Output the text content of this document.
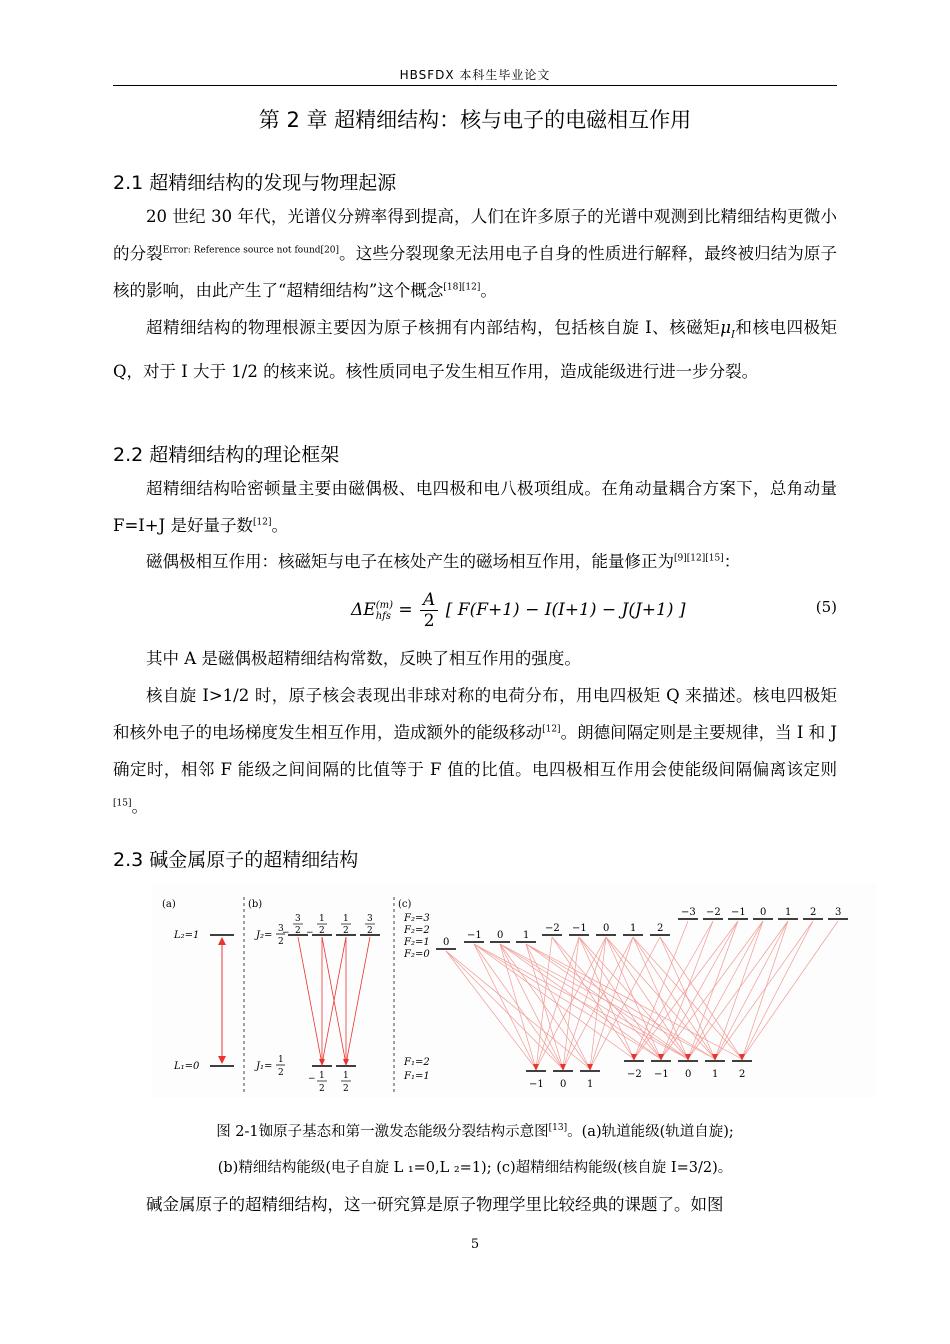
HBSFDX 本科生毕业论文
第 2 章 超精细结构：核与电子的电磁相互作用
2.1 超精细结构的发现与物理起源

20 世纪 30 年代，光谱仪分辨率得到提高，人们在许多原子的光谱中观测到比精细结构更微小的分裂$^{Error: Reference source not found[20]}$。这些分裂现象无法用电子自身的性质进行解释，最终被归结为原子核的影响，由此产生了“超精细结构”这个概念[18][12]。

超精细结构的物理根源主要因为原子核拥有内部结构，包括核自旋 I、核磁矩$\mu_I$和核电四极矩 Q，对于 I 大于 1/2 的核来说。核性质同电子发生相互作用，造成能级进行进一步分裂。

2.2 超精细结构的理论框架

超精细结构哈密顿量主要由磁偶极、电四极和电八极项组成。在角动量耦合方案下，总角动量 F=I+J 是好量子数[12]。

磁偶极相互作用：核磁矩与电子在核处产生的磁场相互作用，能量修正为[9][12][15]：

ΔE (m)
hfs = $\frac{A}{2}$ [ F(F+1) − I(I+1) − J(J+1) ]	(5)

其中 A 是磁偶极超精细结构常数，反映了相互作用的强度。

核自旋 I>1/2 时，原子核会表现出非球对称的电荷分布，用电四极矩 Q 来描述。核电四极矩和核外电子的电场梯度发生相互作用，造成额外的能级移动[12]。朗德间隔定则是主要规律，当 I 和 J 确定时，相邻 F 能级之间间隔的比值等于 F 值的比值。电四极相互作用会使能级间隔偏离该定则[15]。

2.3 碱金属原子的超精细结构
(a)	(b)	(c)
L₂=1
L₁=0
J₂=
3
2
J₁=
1
2
−
3
2 −
1
2
1
2
3
2
− 1
2
1
2
F₂=3
F₂=2
F₂=1
F₂=0
F₁=2
F₁=1
0
−1 0 1
−2 −1 0 1 2
−3 −2 −1 0 1 2 3
−1 0 1
−2 −1 0 1 2
图 2-1铷原子基态和第一激发态能级分裂结构示意图[13]。(a)轨道能级(轨道自旋);
(b)精细结构能级(电子自旋 L ₁=0,L ₂=1); (c)超精细结构能级(核自旋 I=3/2)。

碱金属原子的超精细结构，这一研究算是原子物理学里比较经典的课题了。如图

5
